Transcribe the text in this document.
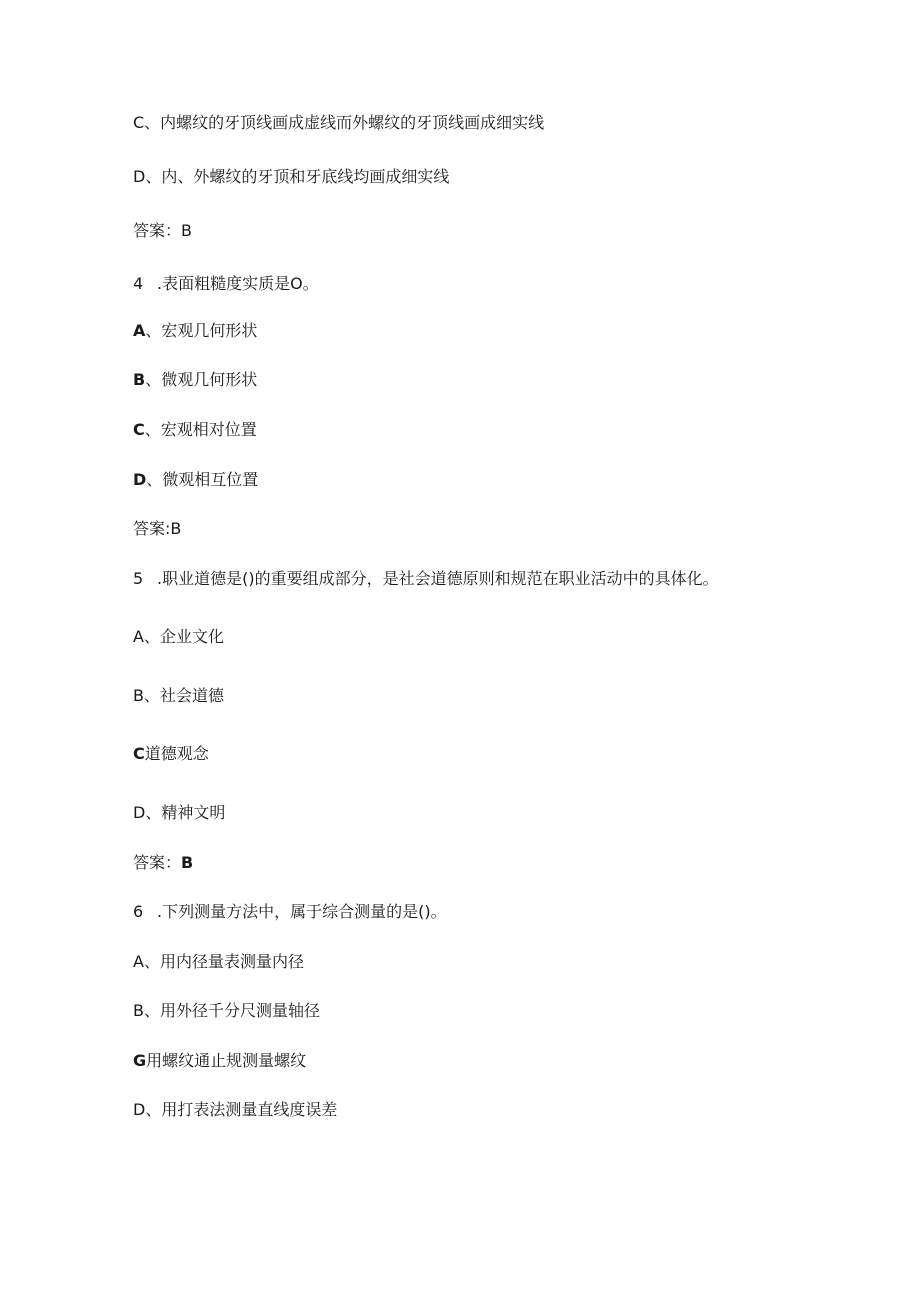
C、内螺纹的牙顶线画成虚线而外螺纹的牙顶线画成细实线
D、内、外螺纹的牙顶和牙底线均画成细实线
答案：B
4 .表面粗糙度实质是O。
A、宏观几何形状
B、微观几何形状
C、宏观相对位置
D、微观相互位置
答案:B
5 .职业道德是()的重要组成部分，是社会道德原则和规范在职业活动中的具体化。
A、企业文化
B、社会道德
C道德观念
D、精神文明
答案：B
6 .下列测量方法中，属于综合测量的是()。
A、用内径量表测量内径
B、用外径千分尺测量轴径
G用螺纹通止规测量螺纹
D、用打表法测量直线度误差
